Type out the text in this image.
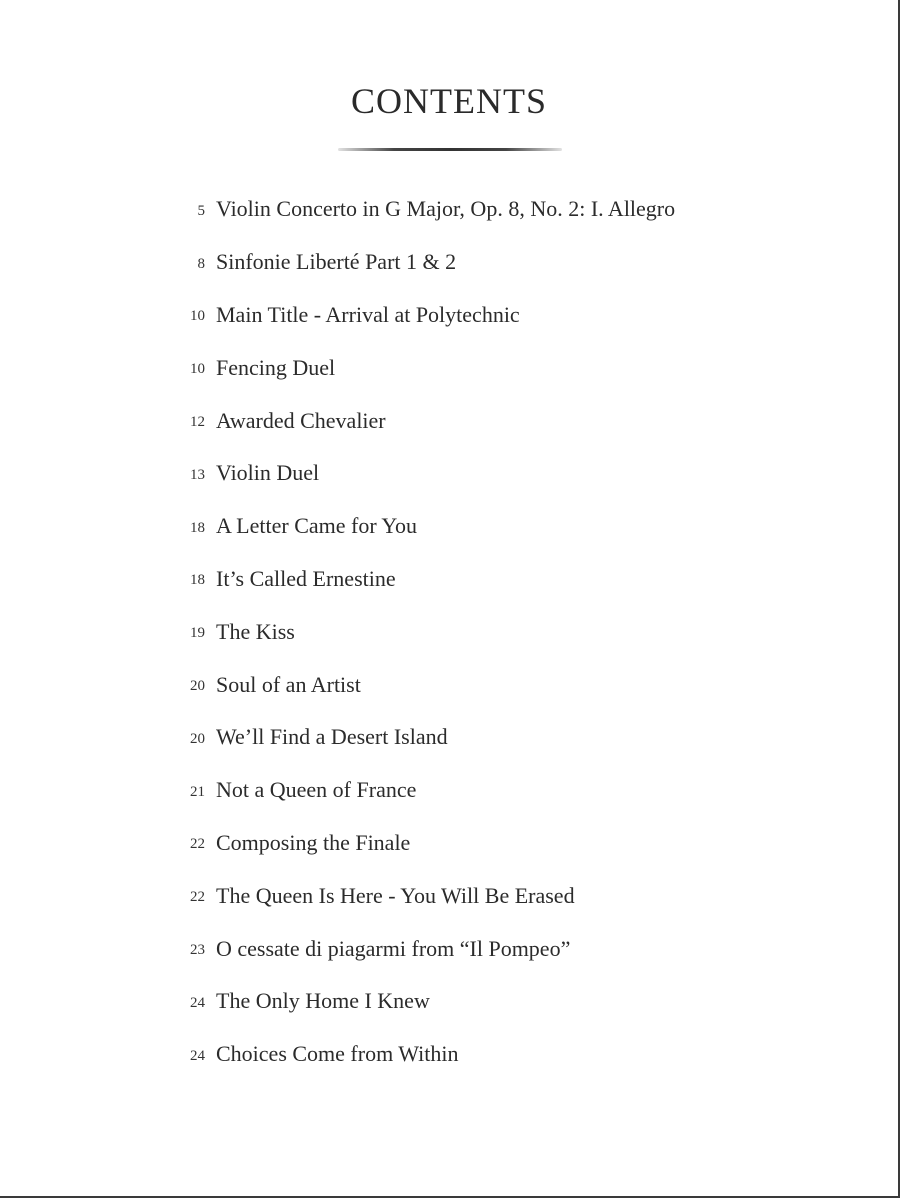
CONTENTS
5 Violin Concerto in G Major, Op. 8, No. 2: I. Allegro
8 Sinfonie Liberté Part 1 & 2
10 Main Title - Arrival at Polytechnic
10 Fencing Duel
12 Awarded Chevalier
13 Violin Duel
18 A Letter Came for You
18 It’s Called Ernestine
19 The Kiss
20 Soul of an Artist
20 We’ll Find a Desert Island
21 Not a Queen of France
22 Composing the Finale
22 The Queen Is Here - You Will Be Erased
23 O cessate di piagarmi from “Il Pompeo”
24 The Only Home I Knew
24 Choices Come from Within
